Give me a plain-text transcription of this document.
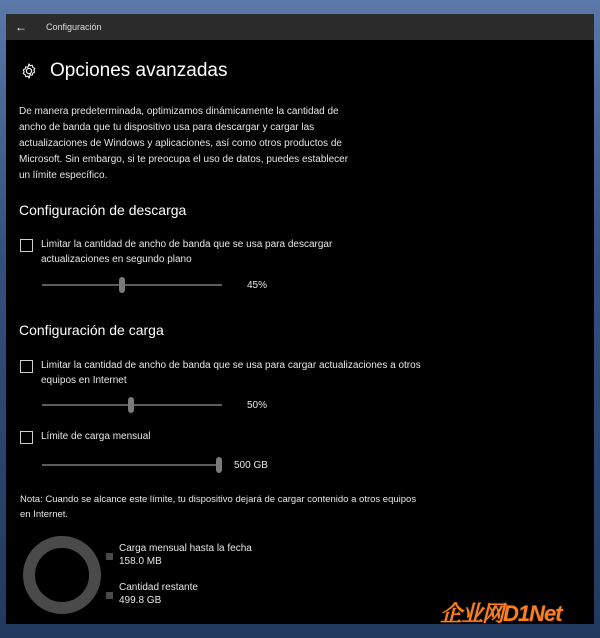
← Configuración
Opciones avanzadas
De manera predeterminada, optimizamos dinámicamente la cantidad de ancho de banda que tu dispositivo usa para descargar y cargar las actualizaciones de Windows y aplicaciones, así como otros productos de Microsoft. Sin embargo, si te preocupa el uso de datos, puedes establecer un límite específico.
Configuración de descarga
Limitar la cantidad de ancho de banda que se usa para descargar actualizaciones en segundo plano
45%
Configuración de carga
Limitar la cantidad de ancho de banda que se usa para cargar actualizaciones a otros equipos en Internet
50%
Límite de carga mensual
500 GB
Nota: Cuando se alcance este límite, tu dispositivo dejará de cargar contenido a otros equipos en Internet.
Carga mensual hasta la fecha
158.0 MB
Cantidad restante
499.8 GB
企业网D1Net
